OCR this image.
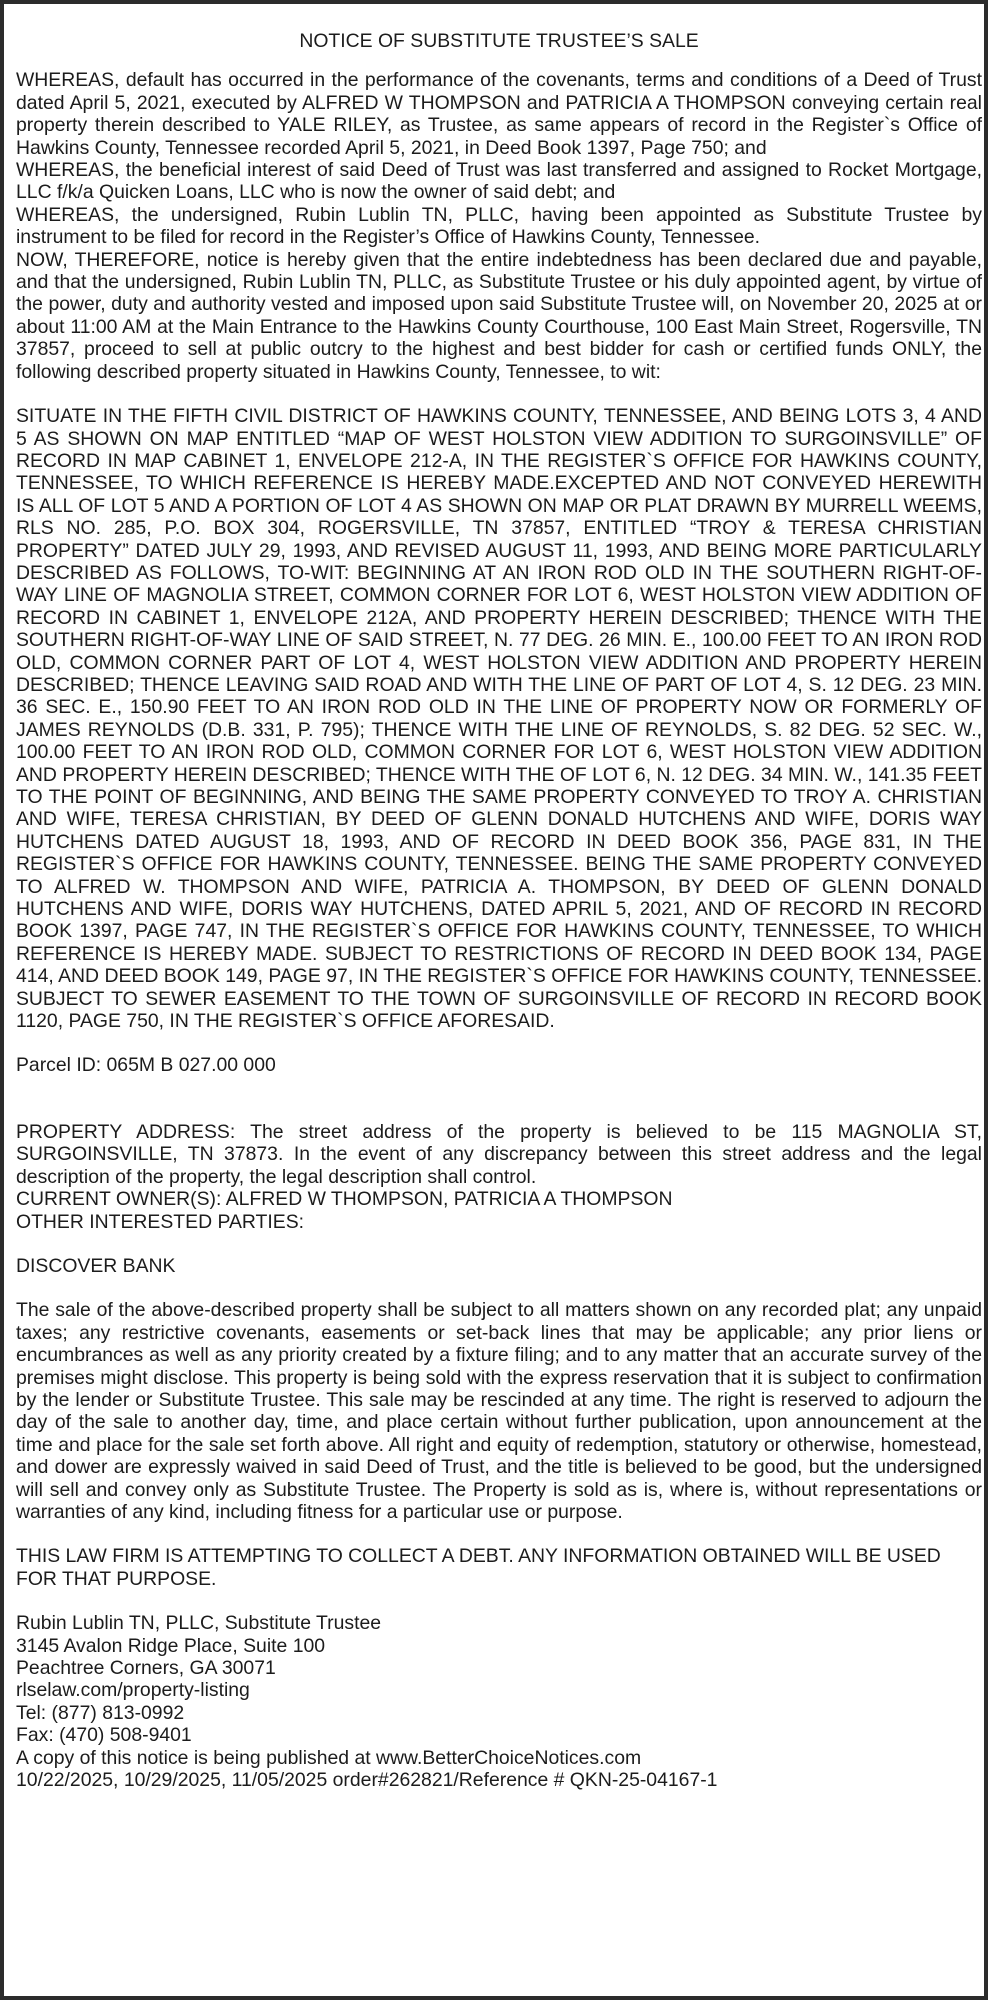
NOTICE OF SUBSTITUTE TRUSTEE’S SALE

WHEREAS, default has occurred in the performance of the covenants, terms and conditions of a Deed of Trust dated April 5, 2021, executed by ALFRED W THOMPSON and PATRICIA A THOMPSON conveying certain real property therein described to YALE RILEY, as Trustee, as same appears of record in the Register`s Office of Hawkins County, Tennessee recorded April 5, 2021, in Deed Book 1397, Page 750; and

WHEREAS, the beneficial interest of said Deed of Trust was last transferred and assigned to Rocket Mortgage, LLC f/k/a Quicken Loans, LLC who is now the owner of said debt; and

WHEREAS, the undersigned, Rubin Lublin TN, PLLC, having been appointed as Substitute Trustee by instrument to be filed for record in the Register’s Office of Hawkins County, Tennessee.

NOW, THEREFORE, notice is hereby given that the entire indebtedness has been declared due and payable, and that the undersigned, Rubin Lublin TN, PLLC, as Substitute Trustee or his duly appointed agent, by virtue of the power, duty and authority vested and imposed upon said Substitute Trustee will, on November 20, 2025 at or about 11:00 AM at the Main Entrance to the Hawkins County Courthouse, 100 East Main Street, Rogersville, TN 37857, proceed to sell at public outcry to the highest and best bidder for cash or certified funds ONLY, the following described property situated in Hawkins County, Tennessee, to wit:

SITUATE IN THE FIFTH CIVIL DISTRICT OF HAWKINS COUNTY, TENNESSEE, AND BEING LOTS 3, 4 AND 5 AS SHOWN ON MAP ENTITLED “MAP OF WEST HOLSTON VIEW ADDITION TO SURGOINSVILLE” OF RECORD IN MAP CABINET 1, ENVELOPE 212-A, IN THE REGISTER`S OFFICE FOR HAWKINS COUNTY, TENNESSEE, TO WHICH REFERENCE IS HEREBY MADE.EXCEPTED AND NOT CONVEYED HEREWITH IS ALL OF LOT 5 AND A PORTION OF LOT 4 AS SHOWN ON MAP OR PLAT DRAWN BY MURRELL WEEMS, RLS NO. 285, P.O. BOX 304, ROGERSVILLE, TN 37857, ENTITLED “TROY & TERESA CHRISTIAN PROPERTY” DATED JULY 29, 1993, AND REVISED AUGUST 11, 1993, AND BEING MORE PARTICULARLY DESCRIBED AS FOLLOWS, TO-WIT: BEGINNING AT AN IRON ROD OLD IN THE SOUTHERN RIGHT-OF-WAY LINE OF MAGNOLIA STREET, COMMON CORNER FOR LOT 6, WEST HOLSTON VIEW ADDITION OF RECORD IN CABINET 1, ENVELOPE 212A, AND PROPERTY HEREIN DESCRIBED; THENCE WITH THE SOUTHERN RIGHT-OF-WAY LINE OF SAID STREET, N. 77 DEG. 26 MIN. E., 100.00 FEET TO AN IRON ROD OLD, COMMON CORNER PART OF LOT 4, WEST HOLSTON VIEW ADDITION AND PROPERTY HEREIN DESCRIBED; THENCE LEAVING SAID ROAD AND WITH THE LINE OF PART OF LOT 4, S. 12 DEG. 23 MIN. 36 SEC. E., 150.90 FEET TO AN IRON ROD OLD IN THE LINE OF PROPERTY NOW OR FORMERLY OF JAMES REYNOLDS (D.B. 331, P. 795); THENCE WITH THE LINE OF REYNOLDS, S. 82 DEG. 52 SEC. W., 100.00 FEET TO AN IRON ROD OLD, COMMON CORNER FOR LOT 6, WEST HOLSTON VIEW ADDITION AND PROPERTY HEREIN DESCRIBED; THENCE WITH THE OF LOT 6, N. 12 DEG. 34 MIN. W., 141.35 FEET TO THE POINT OF BEGINNING, AND BEING THE SAME PROPERTY CONVEYED TO TROY A. CHRISTIAN AND WIFE, TERESA CHRISTIAN, BY DEED OF GLENN DONALD HUTCHENS AND WIFE, DORIS WAY HUTCHENS DATED AUGUST 18, 1993, AND OF RECORD IN DEED BOOK 356, PAGE 831, IN THE REGISTER`S OFFICE FOR HAWKINS COUNTY, TENNESSEE. BEING THE SAME PROPERTY CONVEYED TO ALFRED W. THOMPSON AND WIFE, PATRICIA A. THOMPSON, BY DEED OF GLENN DONALD HUTCHENS AND WIFE, DORIS WAY HUTCHENS, DATED APRIL 5, 2021, AND OF RECORD IN RECORD BOOK 1397, PAGE 747, IN THE REGISTER`S OFFICE FOR HAWKINS COUNTY, TENNESSEE, TO WHICH REFERENCE IS HEREBY MADE. SUBJECT TO RESTRICTIONS OF RECORD IN DEED BOOK 134, PAGE 414, AND DEED BOOK 149, PAGE 97, IN THE REGISTER`S OFFICE FOR HAWKINS COUNTY, TENNESSEE. SUBJECT TO SEWER EASEMENT TO THE TOWN OF SURGOINSVILLE OF RECORD IN RECORD BOOK 1120, PAGE 750, IN THE REGISTER`S OFFICE AFORESAID.

Parcel ID: 065M B 027.00 000

PROPERTY ADDRESS: The street address of the property is believed to be 115 MAGNOLIA ST, SURGOINSVILLE, TN 37873. In the event of any discrepancy between this street address and the legal description of the property, the legal description shall control.

CURRENT OWNER(S): ALFRED W THOMPSON, PATRICIA A THOMPSON

OTHER INTERESTED PARTIES:

DISCOVER BANK

The sale of the above-described property shall be subject to all matters shown on any recorded plat; any unpaid taxes; any restrictive covenants, easements or set-back lines that may be applicable; any prior liens or encumbrances as well as any priority created by a fixture filing; and to any matter that an accurate survey of the premises might disclose. This property is being sold with the express reservation that it is subject to confirmation by the lender or Substitute Trustee. This sale may be rescinded at any time. The right is reserved to adjourn the day of the sale to another day, time, and place certain without further publication, upon announcement at the time and place for the sale set forth above. All right and equity of redemption, statutory or otherwise, homestead, and dower are expressly waived in said Deed of Trust, and the title is believed to be good, but the undersigned will sell and convey only as Substitute Trustee. The Property is sold as is, where is, without representations or warranties of any kind, including fitness for a particular use or purpose.

THIS LAW FIRM IS ATTEMPTING TO COLLECT A DEBT. ANY INFORMATION OBTAINED WILL BE USED FOR THAT PURPOSE.

Rubin Lublin TN, PLLC, Substitute Trustee
3145 Avalon Ridge Place, Suite 100
Peachtree Corners, GA 30071
rlselaw.com/property-listing
Tel: (877) 813-0992
Fax: (470) 508-9401
A copy of this notice is being published at www.BetterChoiceNotices.com
10/22/2025, 10/29/2025, 11/05/2025 order#262821/Reference # QKN-25-04167-1
